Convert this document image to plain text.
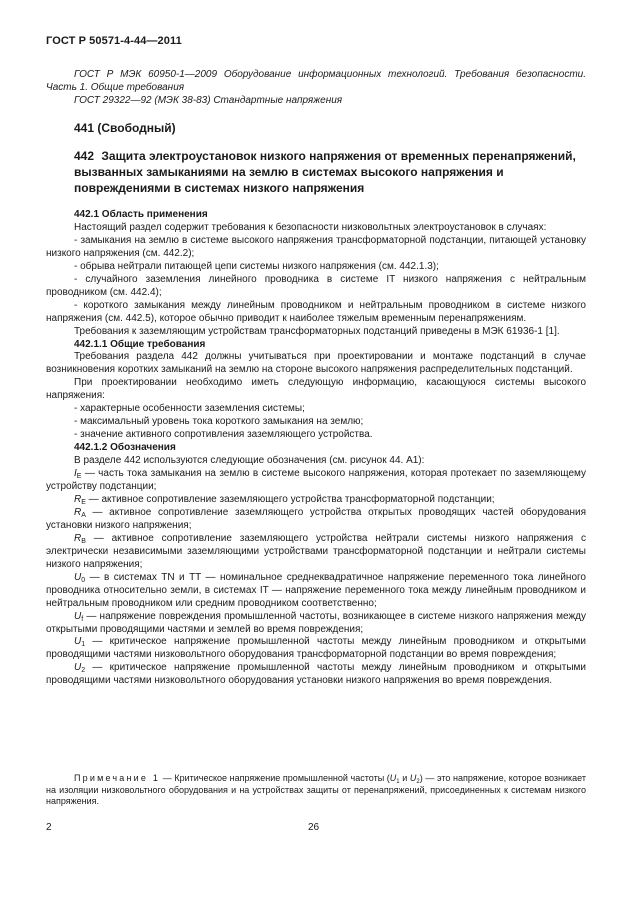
ГОСТ Р 50571-4-44—2011

ГОСТ Р МЭК 60950-1—2009 Оборудование информационных технологий. Требования безопасности. Часть 1. Общие требования

ГОСТ 29322—92 (МЭК 38-83) Стандартные напряжения

441 (Свободный)
442 Защита электроустановок низкого напряжения от временных перенапряжений, вызванных замыканиями на землю в системах высокого напряжения и повреждениями в системах низкого напряжения

442.1 Область применения

Настоящий раздел содержит требования к безопасности низковольтных электроустановок в случаях:

- замыкания на землю в системе высокого напряжения трансформаторной подстанции, питающей установку низкого напряжения (см. 442.2);

- обрыва нейтрали питающей цепи системы низкого напряжения (см. 442.1.3);

- случайного заземления линейного проводника в системе IT низкого напряжения с нейтральным проводником (см. 442.4);

- короткого замыкания между линейным проводником и нейтральным проводником в системе низкого напряжения (см. 442.5), которое обычно приводит к наиболее тяжелым временным перенапряжениям.

Требования к заземляющим устройствам трансформаторных подстанций приведены в МЭК 61936-1 [1].

442.1.1 Общие требования

Требования раздела 442 должны учитываться при проектировании и монтаже подстанций в случае возникновения коротких замыканий на землю на стороне высокого напряжения распределительных подстанций.

При проектировании необходимо иметь следующую информацию, касающуюся системы высокого напряжения:

- характерные особенности заземления системы;

- максимальный уровень тока короткого замыкания на землю;

- значение активного сопротивления заземляющего устройства.

442.1.2 Обозначения

В разделе 442 используются следующие обозначения (см. рисунок 44. А1):

$I_E$ — часть тока замыкания на землю в системе высокого напряжения, которая протекает по заземляющему устройству подстанции;

$R_E$ — активное сопротивление заземляющего устройства трансформаторной подстанции;

$R_A$ — активное сопротивление заземляющего устройства открытых проводящих частей оборудования установки низкого напряжения;

$R_B$ — активное сопротивление заземляющего устройства нейтрали системы низкого напряжения с электрически независимыми заземляющими устройствами трансформаторной подстанции и нейтрали системы низкого напряжения;

$U_0$ — в системах TN и TT — номинальное среднеквадратичное напряжение переменного тока линейного проводника относительно земли, в системах IT — напряжение переменного тока между линейным проводником и нейтральным проводником или средним проводником соответственно;

$U_f$ — напряжение повреждения промышленной частоты, возникающее в системе низкого напряжения между открытыми проводящими частями и землей во время повреждения;

$U_1$ — критическое напряжение промышленной частоты между линейным проводником и открытыми проводящими частями низковольтного оборудования трансформаторной подстанции во время повреждения;

$U_2$ — критическое напряжение промышленной частоты между линейным проводником и открытыми проводящими частями низковольтного оборудования установки низкого напряжения во время повреждения.

Примечание 1 — Критическое напряжение промышленной частоты ($U_1$ и $U_2$) — это напряжение, которое возникает на изоляции низковольтного оборудования и на устройствах защиты от перенапряжений, присоединенных к системам низкого напряжения.

2	26
